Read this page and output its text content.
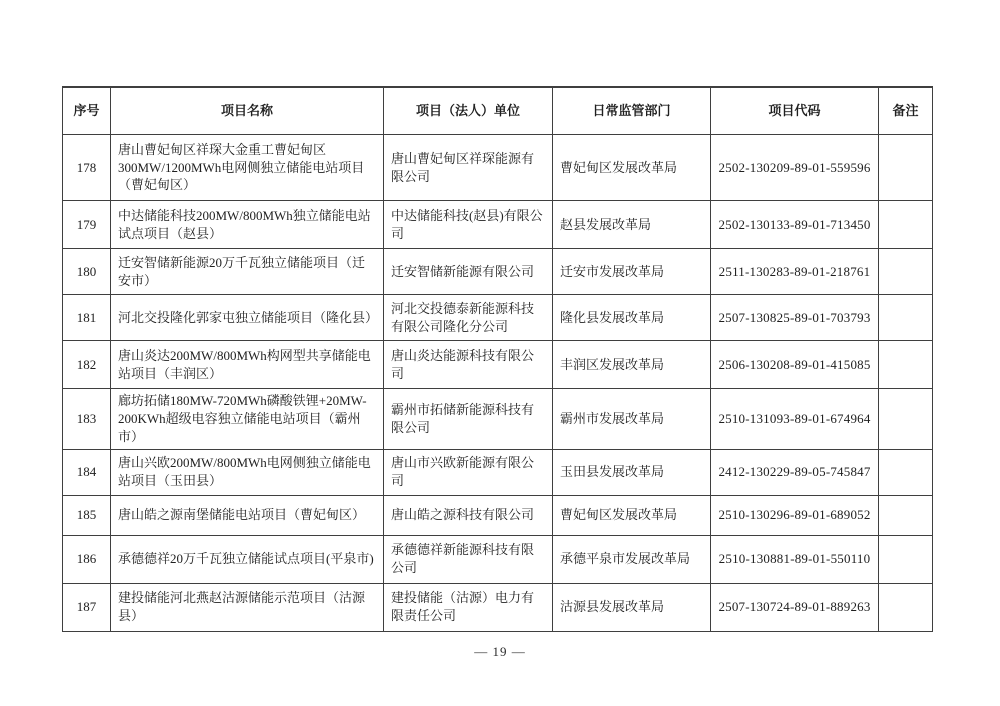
序号	项目名称	项目（法人）单位	日常监管部门	项目代码	备注
178	唐山曹妃甸区祥琛大金重工曹妃甸区300MW/1200MWh电网侧独立储能电站项目（曹妃甸区）	唐山曹妃甸区祥琛能源有限公司	曹妃甸区发展改革局	2502-130209-89-01-559596	
179	中达储能科技200MW/800MWh独立储能电站试点项目（赵县）	中达储能科技(赵县)有限公司	赵县发展改革局	2502-130133-89-01-713450	
180	迁安智储新能源20万千瓦独立储能项目（迁安市）	迁安智储新能源有限公司	迁安市发展改革局	2511-130283-89-01-218761	
181	河北交投隆化郭家屯独立储能项目（隆化县）	河北交投德泰新能源科技有限公司隆化分公司	隆化县发展改革局	2507-130825-89-01-703793	
182	唐山炎达200MW/800MWh构网型共享储能电站项目（丰润区）	唐山炎达能源科技有限公司	丰润区发展改革局	2506-130208-89-01-415085	
183	廊坊拓储180MW-720MWh磷酸铁锂+20MW-200KWh超级电容独立储能电站项目（霸州市）	霸州市拓储新能源科技有限公司	霸州市发展改革局	2510-131093-89-01-674964	
184	唐山兴欧200MW/800MWh电网侧独立储能电站项目（玉田县）	唐山市兴欧新能源有限公司	玉田县发展改革局	2412-130229-89-05-745847	
185	唐山皓之源南堡储能电站项目（曹妃甸区）	唐山皓之源科技有限公司	曹妃甸区发展改革局	2510-130296-89-01-689052	
186	承德德祥20万千瓦独立储能试点项目(平泉市)	承德德祥新能源科技有限公司	承德平泉市发展改革局	2510-130881-89-01-550110	
187	建投储能河北燕赵沽源储能示范项目（沽源县）	建投储能（沽源）电力有限责任公司	沽源县发展改革局	2507-130724-89-01-889263	
— 19 —
